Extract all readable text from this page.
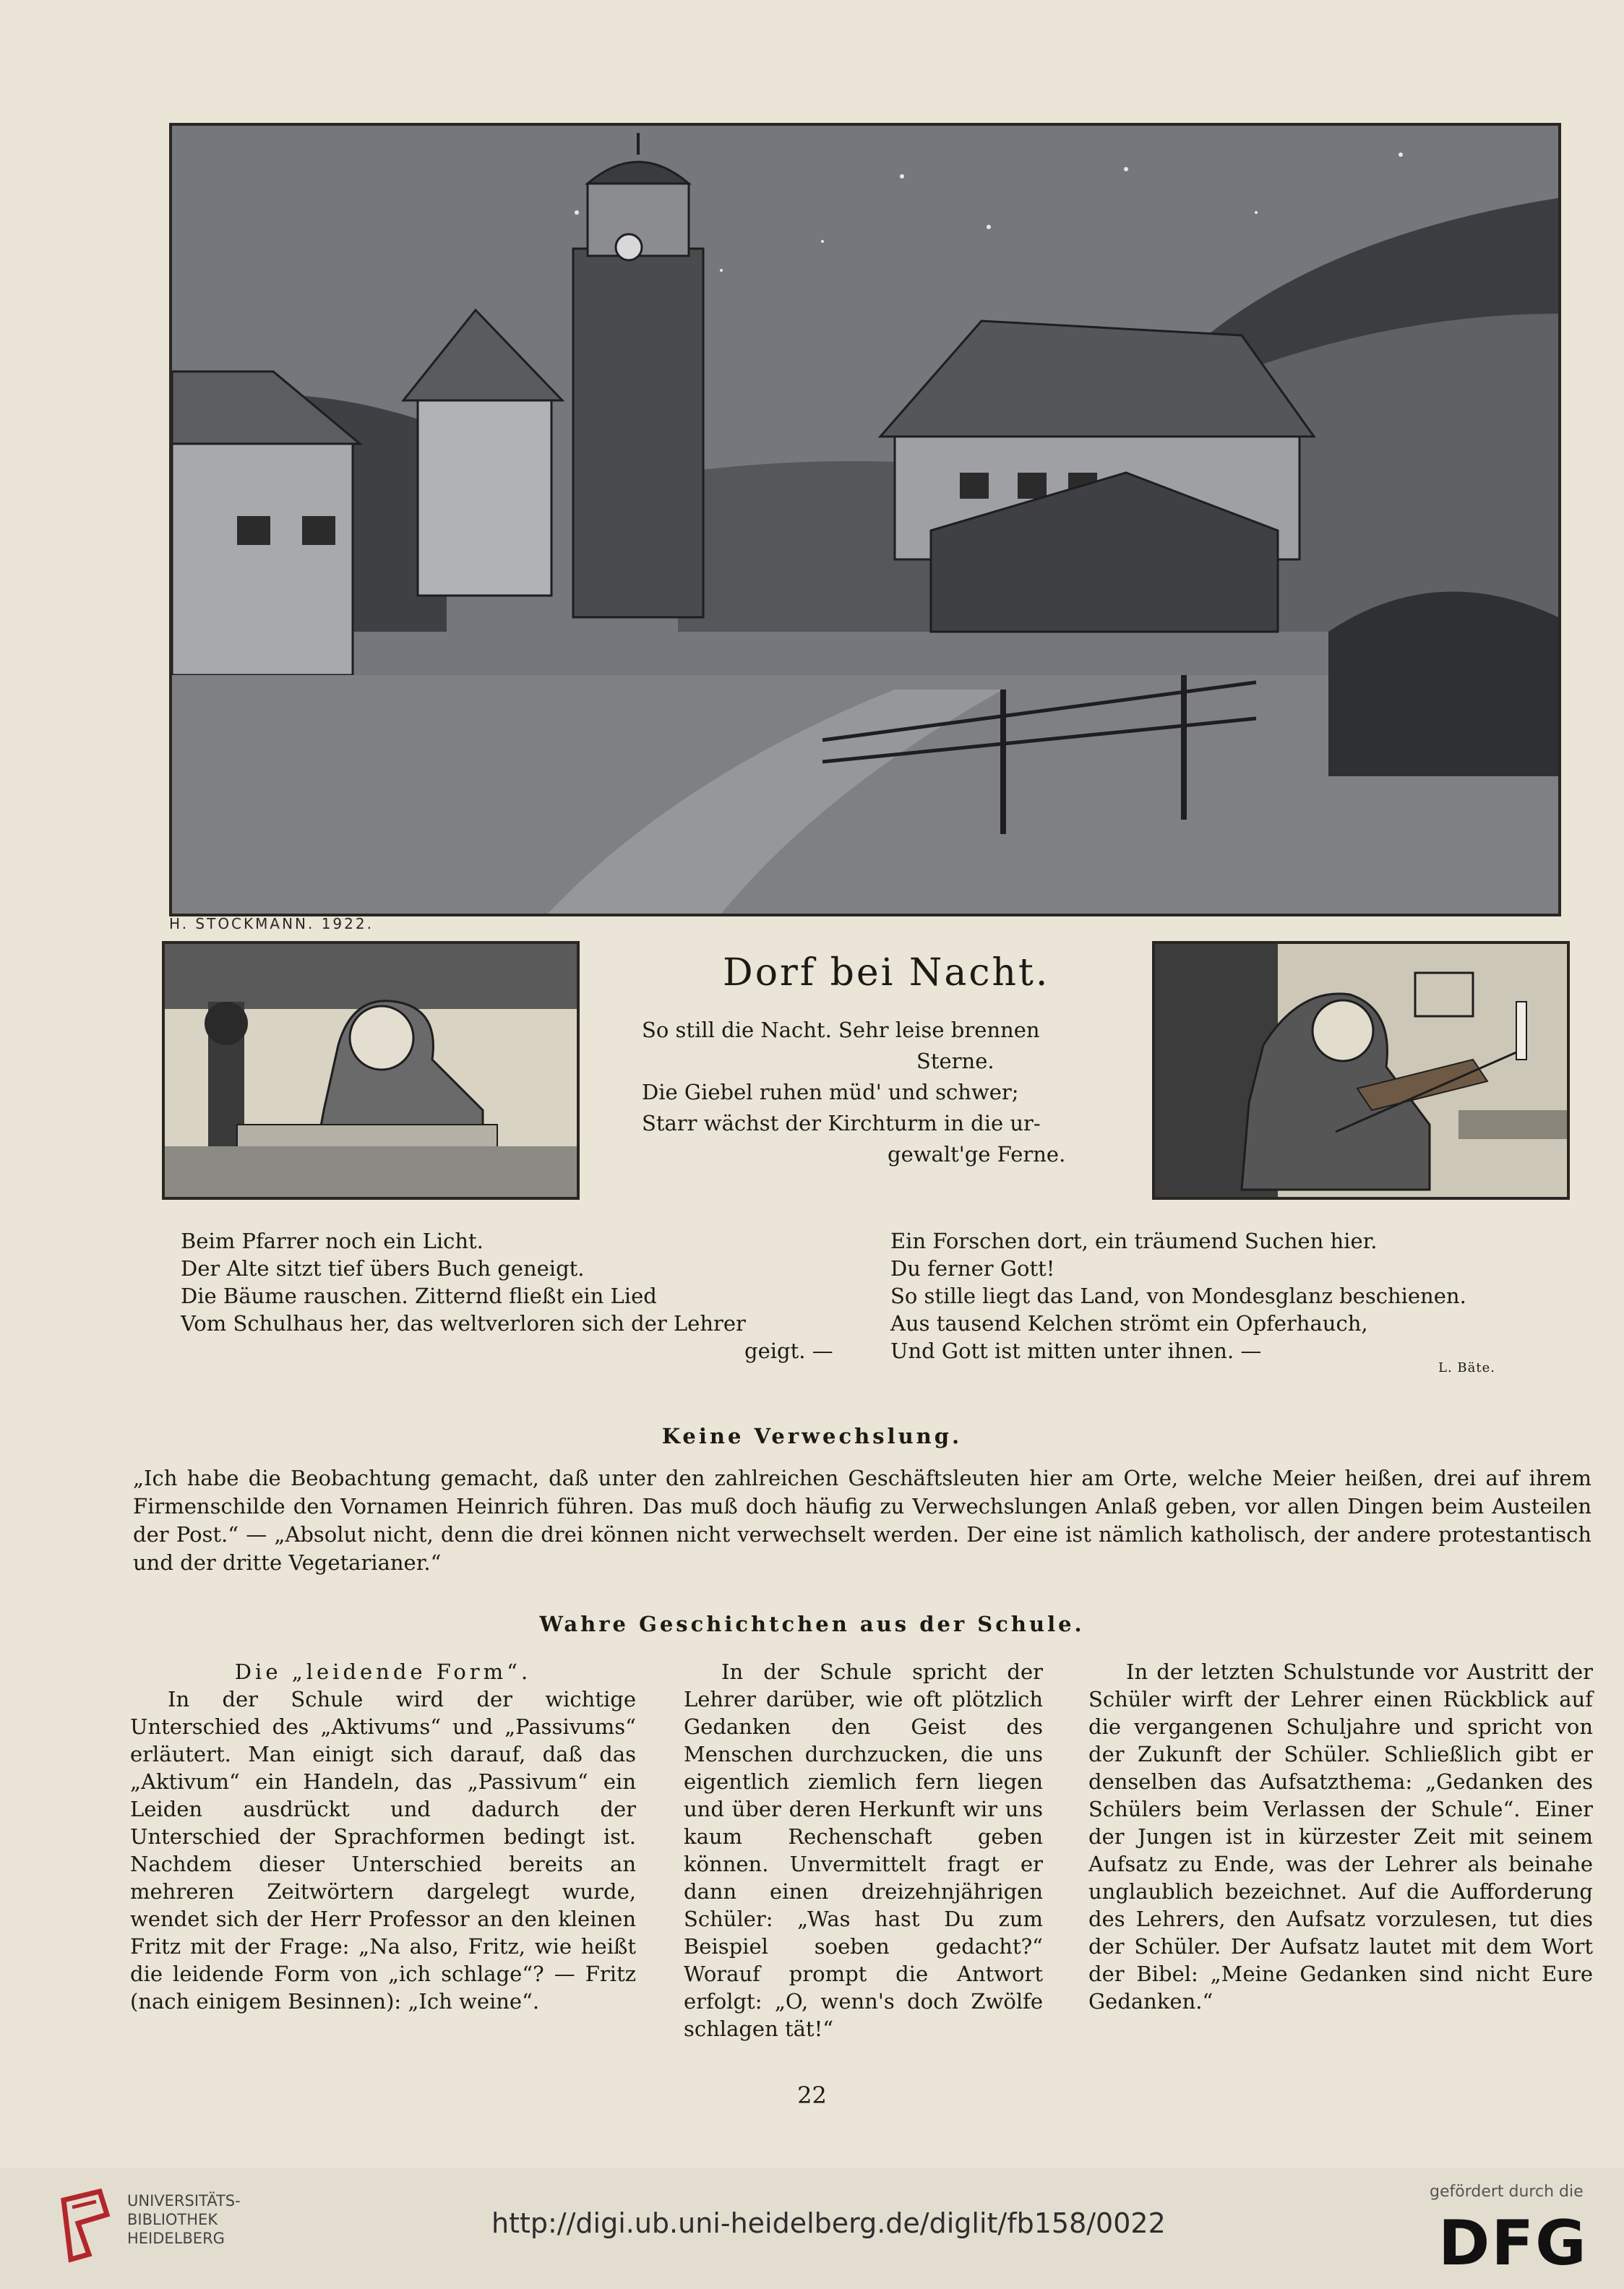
H. STOCKMANN. 1922.
Dorf bei Nacht.
So still die Nacht. Sehr leise brennen
Sterne.
Die Giebel ruhen müd' und schwer;
Starr wächst der Kirchturm in die ur-
gewalt'ge Ferne.
Beim Pfarrer noch ein Licht.
Der Alte sitzt tief übers Buch geneigt.
Die Bäume rauschen. Zitternd fließt ein Lied
Vom Schulhaus her, das weltverloren sich der Lehrer
geigt. —
Ein Forschen dort, ein träumend Suchen hier.
Du ferner Gott!
So stille liegt das Land, von Mondesglanz beschienen.
Aus tausend Kelchen strömt ein Opferhauch,
Und Gott ist mitten unter ihnen. —
L. Bäte.
Keine Verwechslung.
„Ich habe die Beobachtung gemacht, daß unter den zahlreichen Geschäftsleuten hier am Orte, welche Meier heißen, drei auf ihrem Firmenschilde den Vornamen Heinrich führen. Das muß doch häufig zu Verwechslungen Anlaß geben, vor allen Dingen beim Austeilen der Post.“ — „Absolut nicht, denn die drei können nicht verwechselt werden. Der eine ist nämlich katholisch, der andere protestantisch und der dritte Vegetarianer.“
Wahre Geschichtchen aus der Schule.

Die „leidende Form“.

In der Schule wird der wichtige Unterschied des „Aktivums“ und „Passivums“ erläutert. Man einigt sich darauf, daß das „Aktivum“ ein Handeln, das „Passivum“ ein Leiden ausdrückt und dadurch der Unterschied der Sprachformen bedingt ist. Nachdem dieser Unterschied bereits an mehreren Zeitwörtern dargelegt wurde, wendet sich der Herr Professor an den kleinen Fritz mit der Frage: „Na also, Fritz, wie heißt die leidende Form von „ich schlage“? — Fritz (nach einigem Besinnen): „Ich weine“.

In der Schule spricht der Lehrer darüber, wie oft plötzlich Gedanken den Geist des Menschen durchzucken, die uns eigentlich ziemlich fern liegen und über deren Herkunft wir uns kaum Rechenschaft geben können. Unvermittelt fragt er dann einen dreizehnjährigen Schüler: „Was hast Du zum Beispiel soeben gedacht?“ Worauf prompt die Antwort erfolgt: „O, wenn's doch Zwölfe schlagen tät!“

In der letzten Schulstunde vor Austritt der Schüler wirft der Lehrer einen Rückblick auf die vergangenen Schuljahre und spricht von der Zukunft der Schüler. Schließlich gibt er denselben das Aufsatzthema: „Gedanken des Schülers beim Verlassen der Schule“. Einer der Jungen ist in kürzester Zeit mit seinem Aufsatz zu Ende, was der Lehrer als beinahe unglaublich bezeichnet. Auf die Aufforderung des Lehrers, den Aufsatz vorzulesen, tut dies der Schüler. Der Aufsatz lautet mit dem Wort der Bibel: „Meine Gedanken sind nicht Eure Gedanken.“

22
UNIVERSITÄTS-
BIBLIOTHEK
HEIDELBERG	http://digi.ub.uni-heidelberg.de/diglit/fb158/0022
gefördert durch die
DFG
